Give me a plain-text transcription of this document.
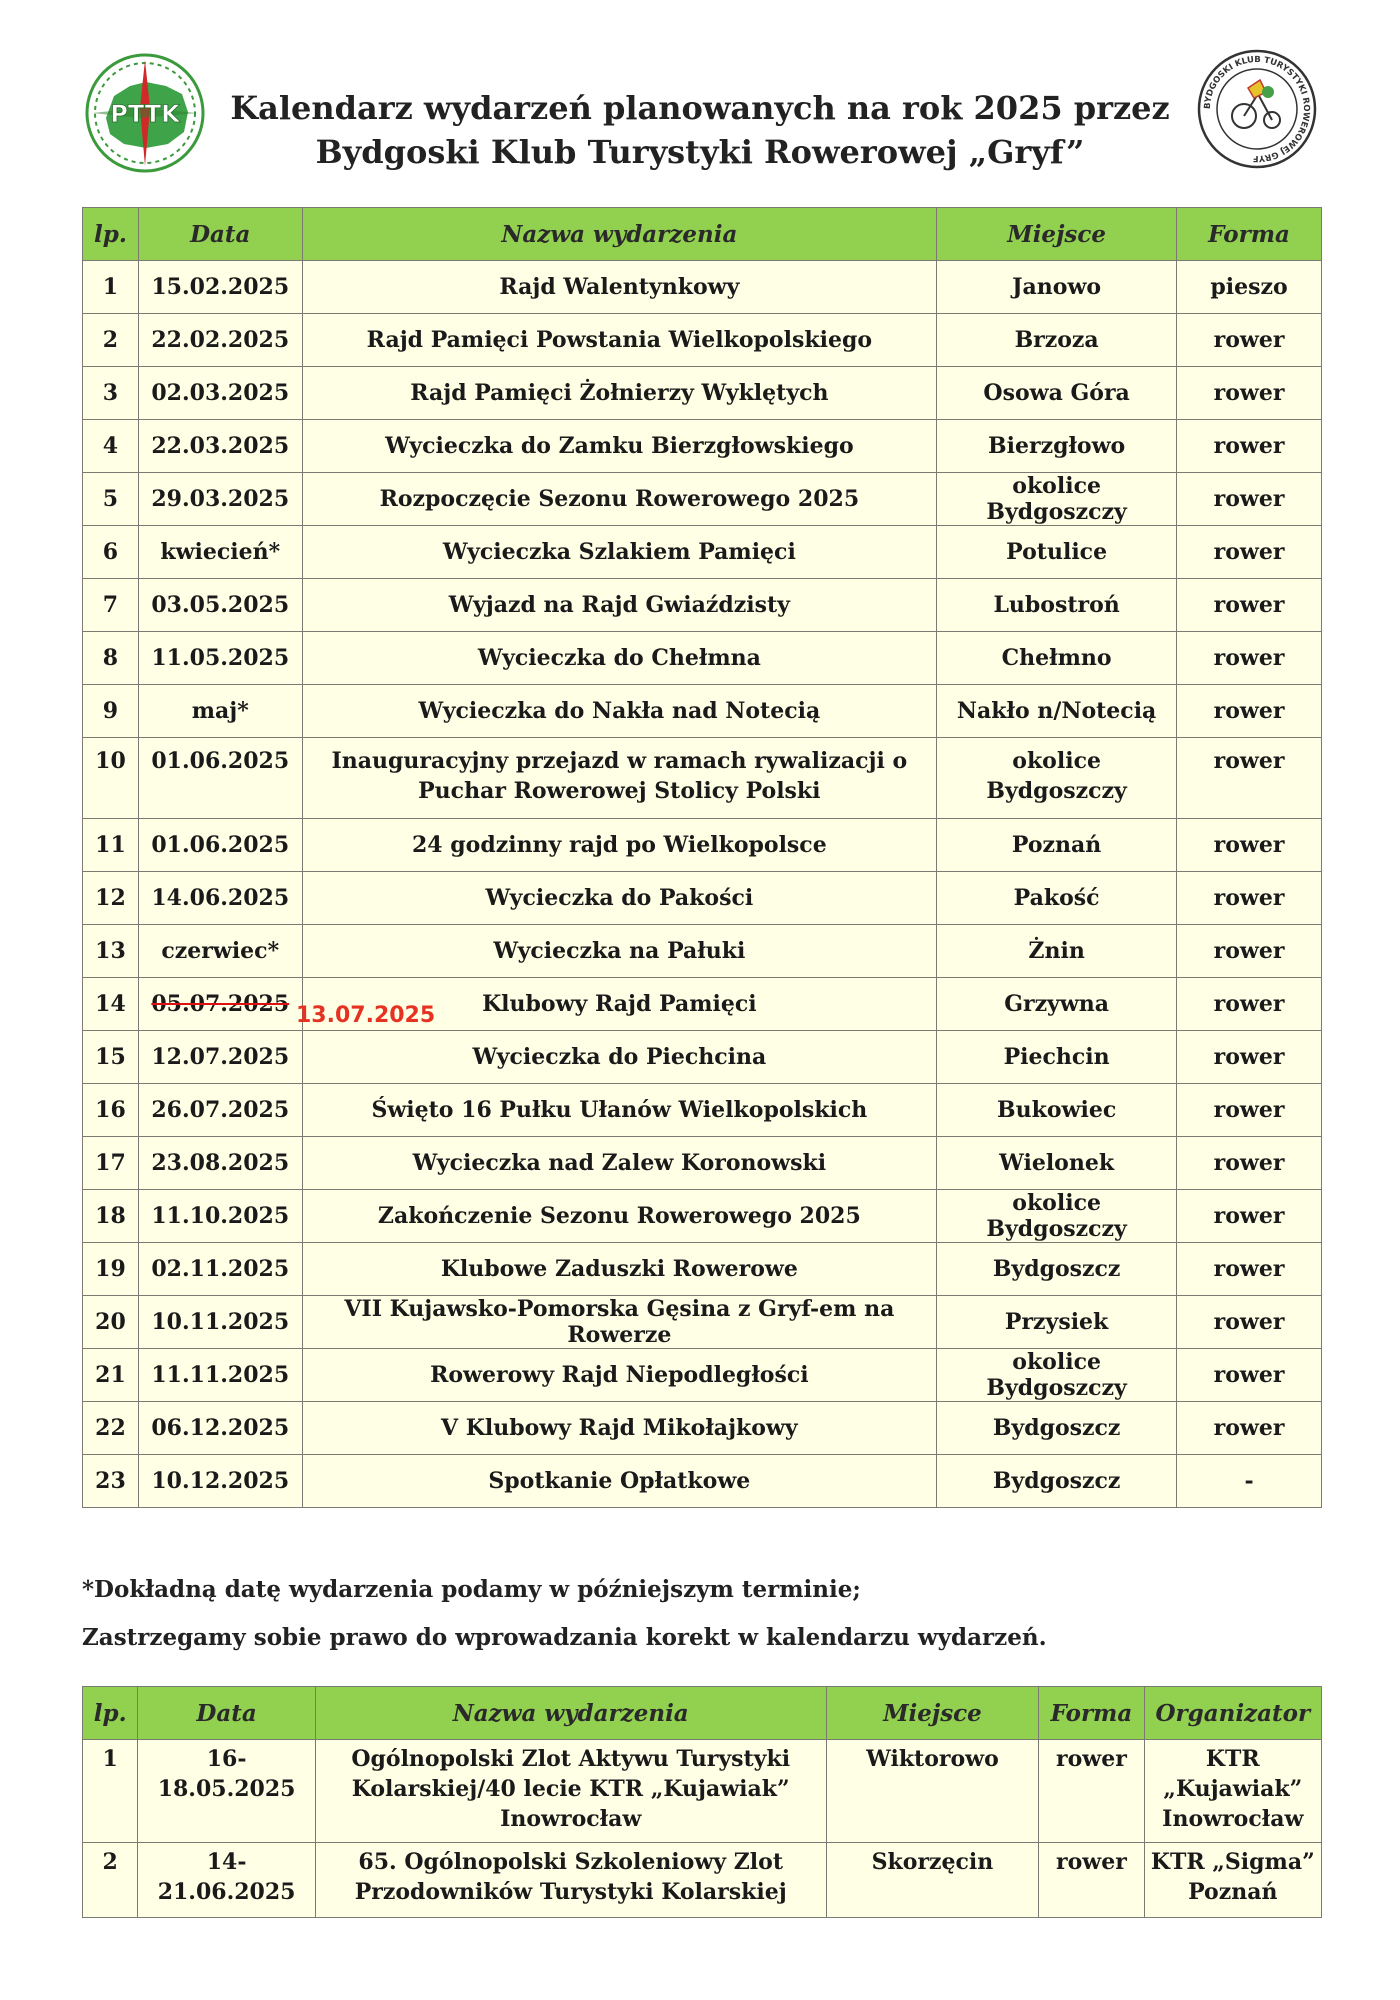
PTTK Kalendarz wydarzeń planowanych na rok 2025 przez
Bydgoski Klub Turystyki Rowerowej „Gryf”
BYDGOSKI KLUB TURYSTYKI ROWEROWEJ GRYF
lp.	Data	Nazwa wydarzenia	Miejsce	Forma
1	15.02.2025	Rajd Walentynkowy	Janowo	pieszo
2	22.02.2025	Rajd Pamięci Powstania Wielkopolskiego	Brzoza	rower
3	02.03.2025	Rajd Pamięci Żołnierzy Wyklętych	Osowa Góra	rower
4	22.03.2025	Wycieczka do Zamku Bierzgłowskiego	Bierzgłowo	rower
5	29.03.2025	Rozpoczęcie Sezonu Rowerowego 2025	okolice Bydgoszczy	rower
6	kwiecień*	Wycieczka Szlakiem Pamięci	Potulice	rower
7	03.05.2025	Wyjazd na Rajd Gwiaździsty	Lubostroń	rower
8	11.05.2025	Wycieczka do Chełmna	Chełmno	rower
9	maj*	Wycieczka do Nakła nad Notecią	Nakło n/Notecią	rower
10	01.06.2025	Inauguracyjny przejazd w ramach rywalizacji o Puchar Rowerowej Stolicy Polski	okolice Bydgoszczy	rower
11	01.06.2025	24 godzinny rajd po Wielkopolsce	Poznań	rower
12	14.06.2025	Wycieczka do Pakości	Pakość	rower
13	czerwiec*	Wycieczka na Pałuki	Żnin	rower
14	05.07.2025	Klubowy Rajd Pamięci	Grzywna	rower
15	12.07.2025	Wycieczka do Piechcina	Piechcin	rower
16	26.07.2025	Święto 16 Pułku Ułanów Wielkopolskich	Bukowiec	rower
17	23.08.2025	Wycieczka nad Zalew Koronowski	Wielonek	rower
18	11.10.2025	Zakończenie Sezonu Rowerowego 2025	okolice Bydgoszczy	rower
19	02.11.2025	Klubowe Zaduszki Rowerowe	Bydgoszcz	rower
20	10.11.2025	VII Kujawsko-Pomorska Gęsina z Gryf-em na Rowerze	Przysiek	rower
21	11.11.2025	Rowerowy Rajd Niepodległości	okolice Bydgoszczy	rower
22	06.12.2025	V Klubowy Rajd Mikołajkowy	Bydgoszcz	rower
23	10.12.2025	Spotkanie Opłatkowe	Bydgoszcz	-
13.07.2025
*Dokładną datę wydarzenia podamy w późniejszym terminie;
Zastrzegamy sobie prawo do wprowadzania korekt w kalendarzu wydarzeń.
lp.	Data	Nazwa wydarzenia	Miejsce	Forma	Organizator
1	16-18.05.2025	Ogólnopolski Zlot Aktywu Turystyki Kolarskiej/40 lecie KTR „Kujawiak” Inowrocław	Wiktorowo	rower	KTR „Kujawiak” Inowrocław
2	14-21.06.2025	65. Ogólnopolski Szkoleniowy Zlot Przodowników Turystyki Kolarskiej	Skorzęcin	rower	KTR „Sigma” Poznań
